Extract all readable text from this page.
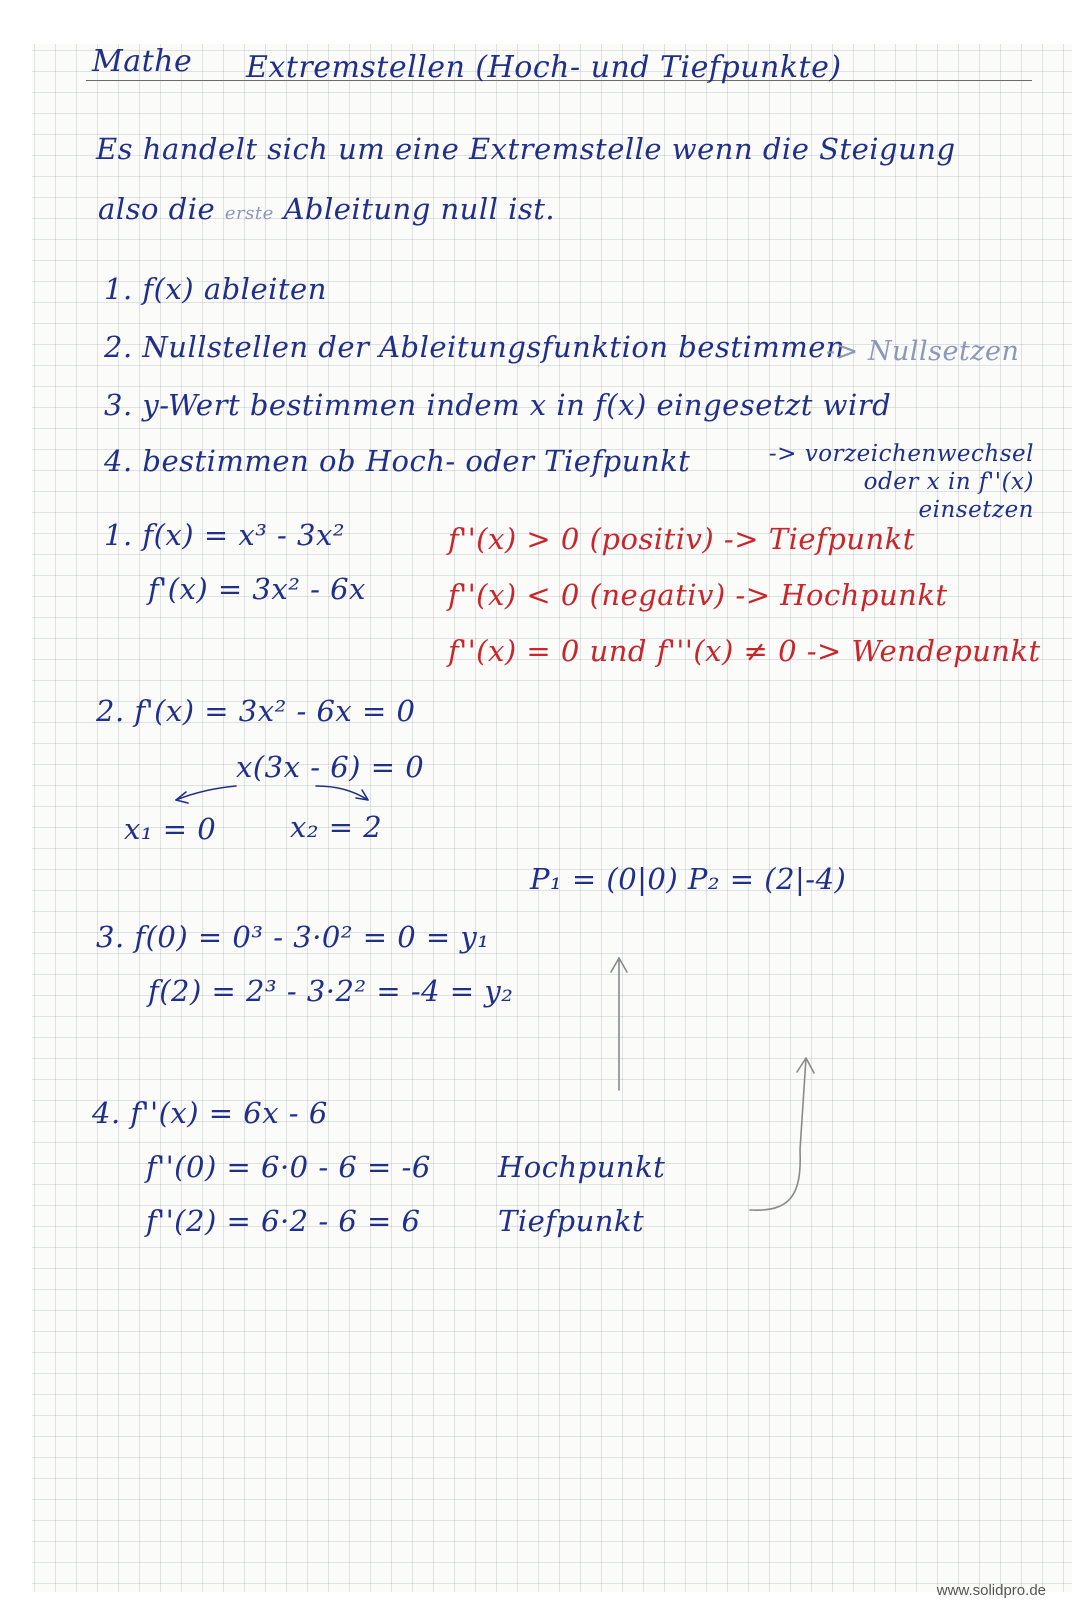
Mathe Extremstellen (Hoch- und Tiefpunkte)
Es handelt sich um eine Extremstelle wenn die Steigung
also die erste Ableitung null ist.
1. f(x) ableiten
2. Nullstellen der Ableitungsfunktion bestimmen
-> Nullsetzen
3. y-Wert bestimmen indem x in f(x) eingesetzt wird
4. bestimmen ob Hoch- oder Tiefpunkt	-> vorzeichenwechsel oder x in f''(x) einsetzen
1. f(x) = x³ - 3x²
f'(x) = 3x² - 6x
f''(x) > 0 (positiv) -> Tiefpunkt
f''(x) < 0 (negativ) -> Hochpunkt
f''(x) = 0 und f'''(x) ≠ 0 -> Wendepunkt
2. f'(x) = 3x² - 6x = 0
x(3x - 6) = 0
x₁ = 0	x₂ = 2
P₁ = (0|0) P₂ = (2|-4)
3. f(0) = 0³ - 3·0² = 0 = y₁
f(2) = 2³ - 3·2² = -4 = y₂
4. f''(x) = 6x - 6
f''(0) = 6·0 - 6 = -6 Hochpunkt
f''(2) = 6·2 - 6 = 6	Tiefpunkt
www.solidpro.de
